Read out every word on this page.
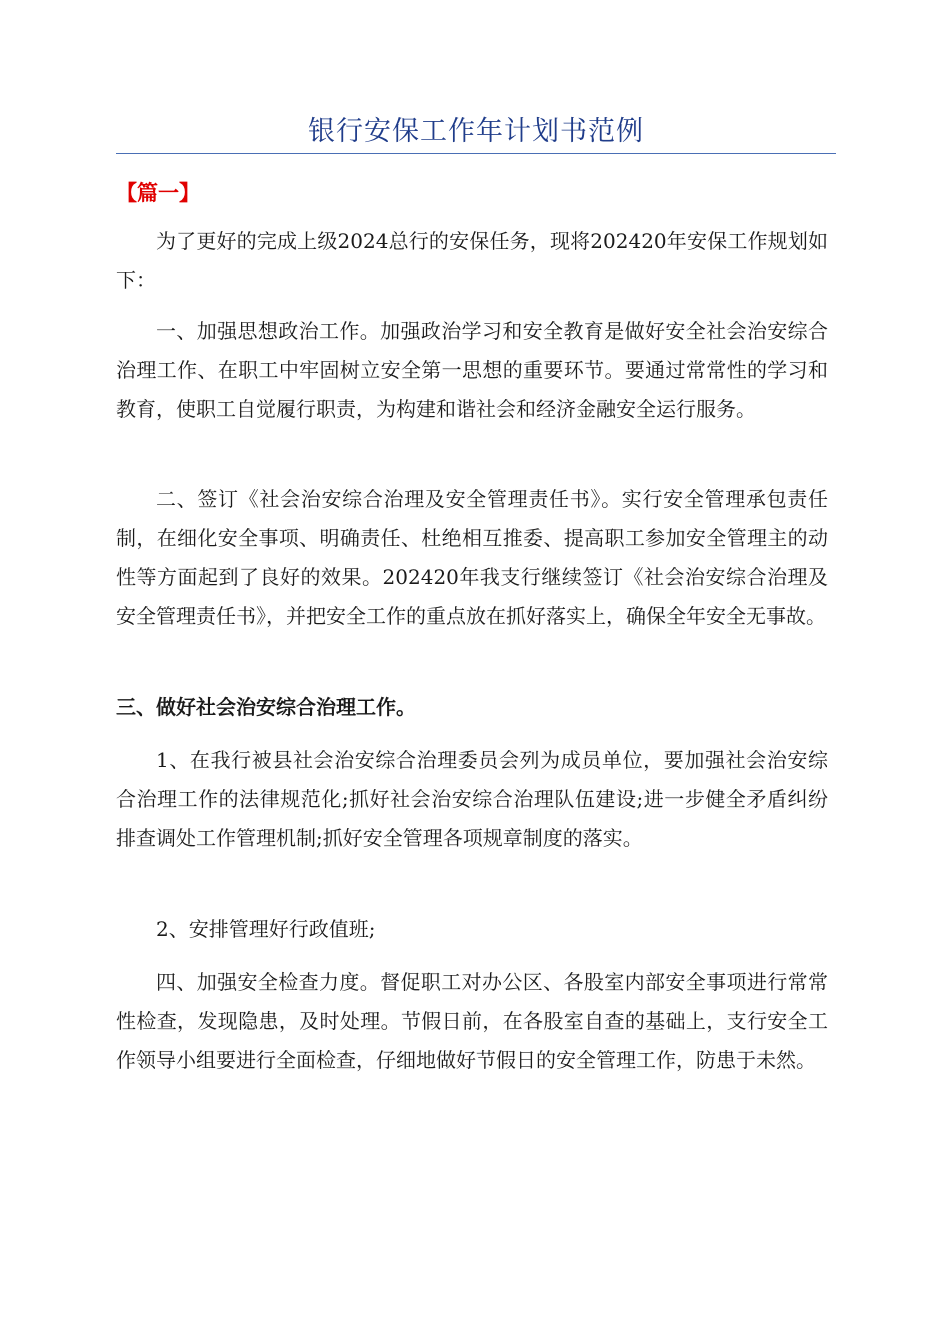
银行安保工作年计划书范例
【篇一】

为了更好的完成上级2024总行的安保任务，现将202420年安保工作规划如下：

一、加强思想政治工作。加强政治学习和安全教育是做好安全社会治安综合治理工作、在职工中牢固树立安全第一思想的重要环节。要通过常常性的学习和教育，使职工自觉履行职责，为构建和谐社会和经济金融安全运行服务。

二、签订《社会治安综合治理及安全管理责任书》。实行安全管理承包责任制，在细化安全事项、明确责任、杜绝相互推委、提高职工参加安全管理主的动性等方面起到了良好的效果。202420年我支行继续签订《社会治安综合治理及安全管理责任书》，并把安全工作的重点放在抓好落实上，确保全年安全无事故。

三、做好社会治安综合治理工作。

1、在我行被县社会治安综合治理委员会列为成员单位，要加强社会治安综合治理工作的法律规范化;抓好社会治安综合治理队伍建设;进一步健全矛盾纠纷排查调处工作管理机制;抓好安全管理各项规章制度的落实。

2、安排管理好行政值班;

四、加强安全检查力度。督促职工对办公区、各股室内部安全事项进行常常性检查，发现隐患，及时处理。节假日前，在各股室自查的基础上，支行安全工作领导小组要进行全面检查，仔细地做好节假日的安全管理工作，防患于未然。
